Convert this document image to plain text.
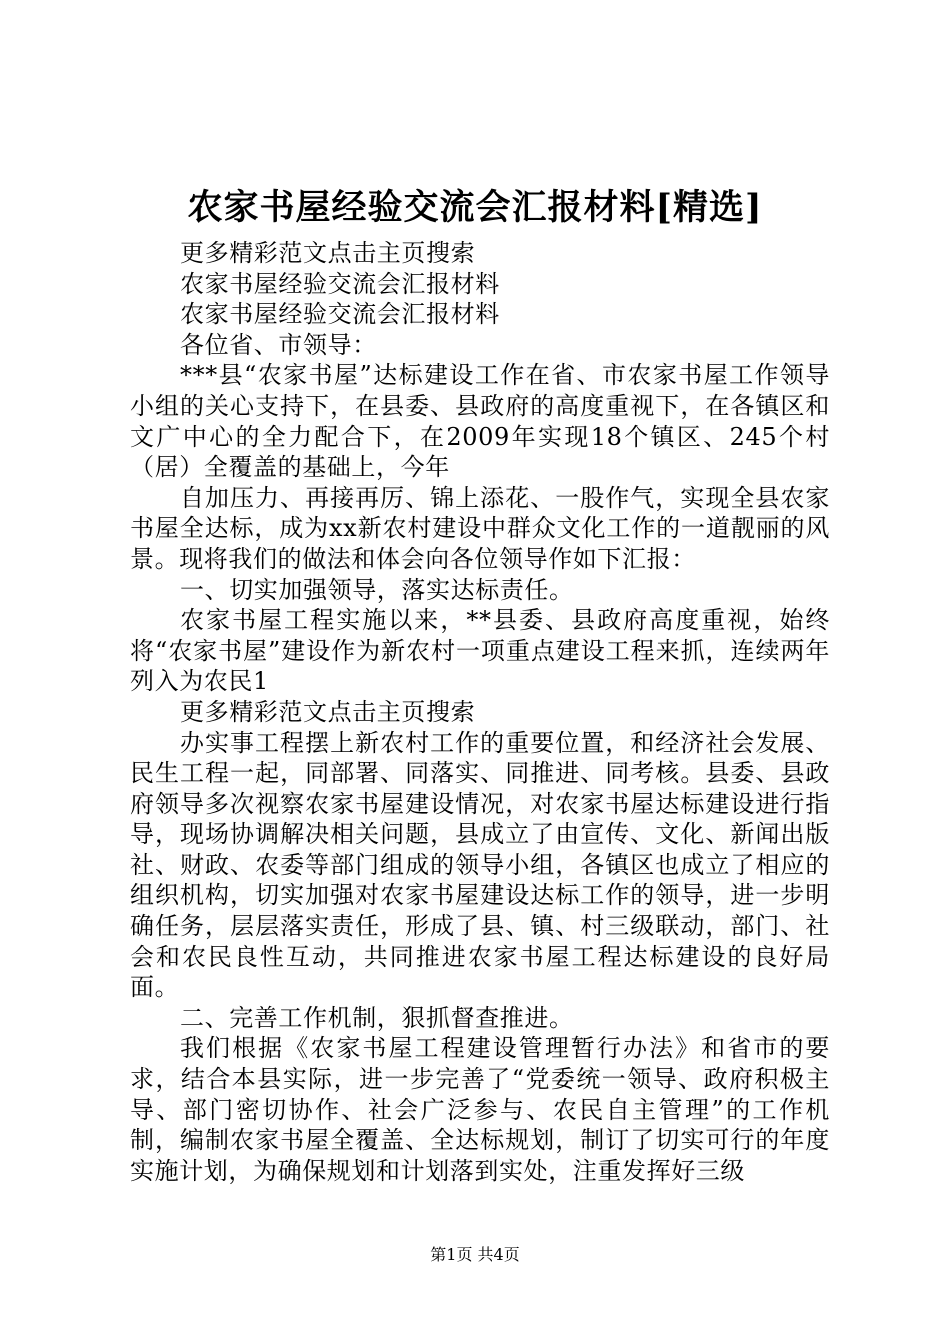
农家书屋经验交流会汇报材料[精选]

更多精彩范文点击主页搜索

农家书屋经验交流会汇报材料

农家书屋经验交流会汇报材料

各位省、市领导：

***县“农家书屋”达标建设工作在省、市农家书屋工作领导小组的关心支持下，在县委、县政府的高度重视下，在各镇区和文广中心的全力配合下，在2009年实现18个镇区、245个村（居）全覆盖的基础上，今年

自加压力、再接再厉、锦上添花、一股作气，实现全县农家书屋全达标，成为xx新农村建设中群众文化工作的一道靓丽的风景。现将我们的做法和体会向各位领导作如下汇报：

一、切实加强领导，落实达标责任。

农家书屋工程实施以来，**县委、县政府高度重视，始终将“农家书屋”建设作为新农村一项重点建设工程来抓，连续两年列入为农民1

更多精彩范文点击主页搜索

办实事工程摆上新农村工作的重要位置，和经济社会发展、民生工程一起，同部署、同落实、同推进、同考核。县委、县政府领导多次视察农家书屋建设情况，对农家书屋达标建设进行指导，现场协调解决相关问题，县成立了由宣传、文化、新闻出版社、财政、农委等部门组成的领导小组，各镇区也成立了相应的组织机构，切实加强对农家书屋建设达标工作的领导，进一步明确任务，层层落实责任，形成了县、镇、村三级联动，部门、社会和农民良性互动，共同推进农家书屋工程达标建设的良好局面。

二、完善工作机制，狠抓督查推进。

我们根据《农家书屋工程建设管理暂行办法》和省市的要求，结合本县实际，进一步完善了“党委统一领导、政府积极主导、部门密切协作、社会广泛参与、农民自主管理”的工作机制，编制农家书屋全覆盖、全达标规划，制订了切实可行的年度实施计划，为确保规划和计划落到实处，注重发挥好三级

第1页 共4页
